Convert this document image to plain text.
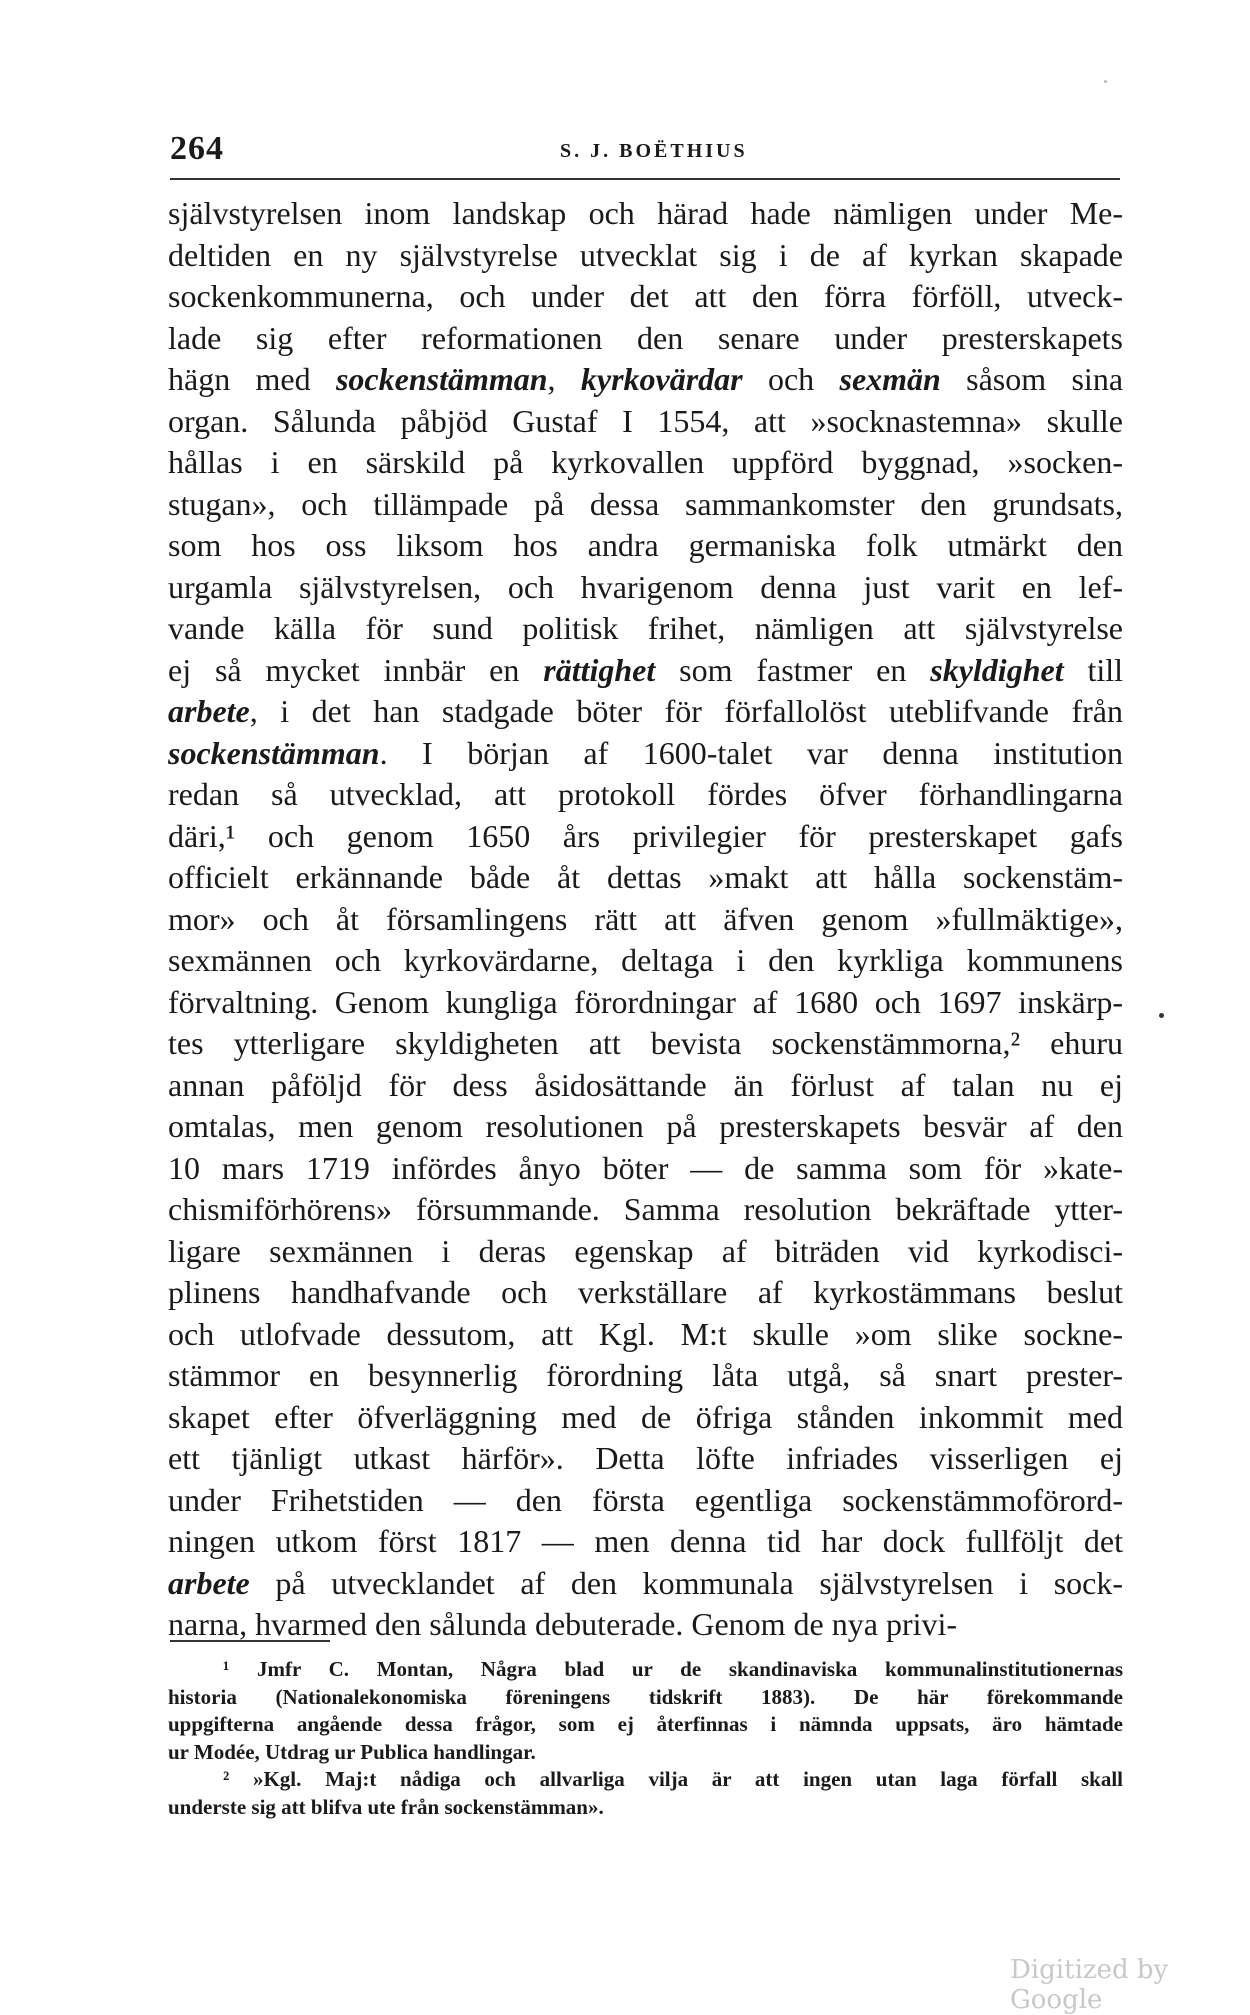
264	S. J. BOËTHIUS
självstyrelsen inom landskap och härad hade nämligen under Me-
deltiden en ny självstyrelse utvecklat sig i de af kyrkan skapade
sockenkommunerna, och under det att den förra förföll, utveck-
lade sig efter reformationen den senare under presterskapets
hägn med sockenstämman, kyrkovärdar och sexmän såsom sina
organ. Sålunda påbjöd Gustaf I 1554, att »socknastemna» skulle
hållas i en särskild på kyrkovallen uppförd byggnad, »socken-
stugan», och tillämpade på dessa sammankomster den grundsats,
som hos oss liksom hos andra germaniska folk utmärkt den
urgamla självstyrelsen, och hvarigenom denna just varit en lef-
vande källa för sund politisk frihet, nämligen att självstyrelse
ej så mycket innbär en rättighet som fastmer en skyldighet till
arbete, i det han stadgade böter för förfallolöst uteblifvande från
sockenstämman. I början af 1600-talet var denna institution
redan så utvecklad, att protokoll fördes öfver förhandlingarna
däri,¹ och genom 1650 års privilegier för presterskapet gafs
officielt erkännande både åt dettas »makt att hålla sockenstäm-
mor» och åt församlingens rätt att äfven genom »fullmäktige»,
sexmännen och kyrkovärdarne, deltaga i den kyrkliga kommunens
förvaltning. Genom kungliga förordningar af 1680 och 1697 inskärp-
tes ytterligare skyldigheten att bevista sockenstämmorna,² ehuru
annan påföljd för dess åsidosättande än förlust af talan nu ej
omtalas, men genom resolutionen på presterskapets besvär af den
10 mars 1719 infördes ånyo böter — de samma som för »kate-
chismiförhörens» försummande. Samma resolution bekräftade ytter-
ligare sexmännen i deras egenskap af biträden vid kyrkodisci-
plinens handhafvande och verkställare af kyrkostämmans beslut
och utlofvade dessutom, att Kgl. M:t skulle »om slike sockne-
stämmor en besynnerlig förordning låta utgå, så snart prester-
skapet efter öfverläggning med de öfriga stånden inkommit med
ett tjänligt utkast härför». Detta löfte infriades visserligen ej
under Frihetstiden — den första egentliga sockenstämmoförord-
ningen utkom först 1817 — men denna tid har dock fullföljt det
arbete på utvecklandet af den kommunala självstyrelsen i sock-
narna, hvarmed den sålunda debuterade. Genom de nya privi-
¹ Jmfr C. Montan, Några blad ur de skandinaviska kommunalinstitutionernas
historia (Nationalekonomiska föreningens tidskrift 1883). De här förekommande
uppgifterna angående dessa frågor, som ej återfinnas i nämnda uppsats, äro hämtade
ur Modée, Utdrag ur Publica handlingar.
² »Kgl. Maj:t nådiga och allvarliga vilja är att ingen utan laga förfall skall
underste sig att blifva ute från sockenstämman».
Digitized by Google
